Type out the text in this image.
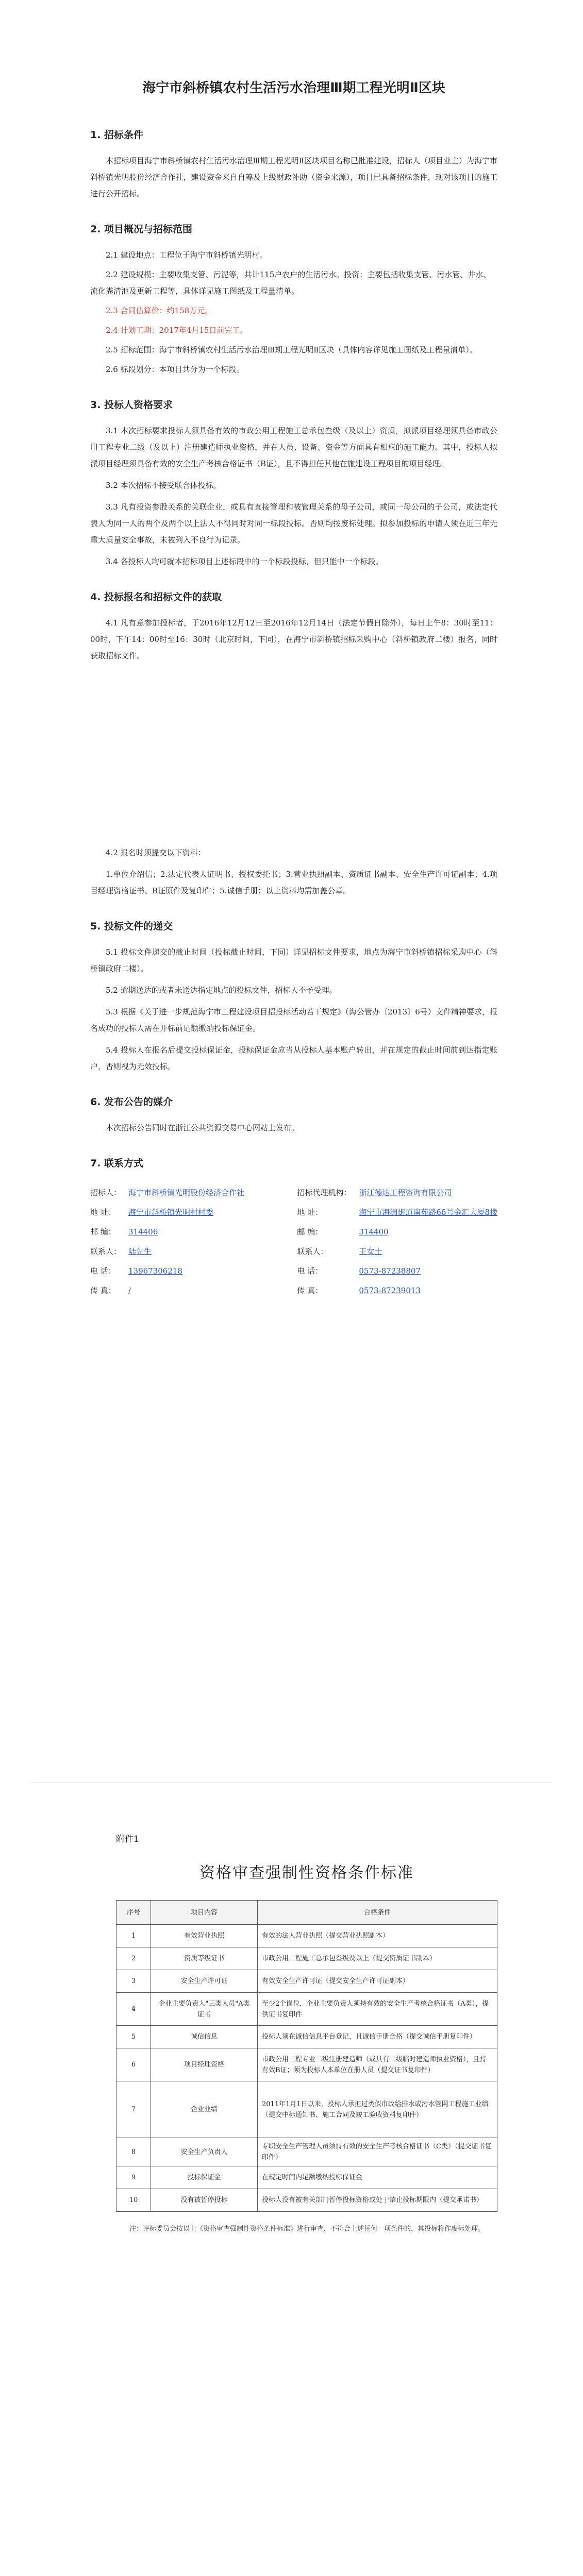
海宁市斜桥镇农村生活污水治理Ⅲ期工程光明Ⅱ区块
1. 招标条件
本招标项目海宁市斜桥镇农村生活污水治理Ⅲ期工程光明Ⅱ区块项目名称已批准建设，招标人（项目业主）为海宁市斜桥镇光明股份经济合作社，建设资金来自自筹及上级财政补助（资金来源），项目已具备招标条件，现对该项目的施工进行公开招标。
2. 项目概况与招标范围
2.1 建设地点：工程位于海宁市斜桥镇光明村。
2.2 建设规模：主要收集支管、污泥等，共计115户农户的生活污水。投资：主要包括收集支管、污水管、井水、流化粪清池及更新工程等，具体详见施工图纸及工程量清单。
2.3 合同估算价：约158万元。
2.4 计划工期：2017年4月15日前完工。
2.5 招标范围：海宁市斜桥镇农村生活污水治理Ⅲ期工程光明Ⅱ区块（具体内容详见施工图纸及工程量清单）。
2.6 标段划分：本项目共分为一个标段。
3. 投标人资格要求
3.1 本次招标要求投标人须具备有效的市政公用工程施工总承包叁级（及以上）资质，拟派项目经理须具备市政公用工程专业二级（及以上）注册建造师执业资格，并在人员、设备、资金等方面具有相应的施工能力。其中，投标人拟派项目经理须具备有效的安全生产考核合格证书（B证），且不得担任其他在施建设工程项目的项目经理。
3.2 本次招标不接受联合体投标。
3.3 凡有投资参股关系的关联企业，或具有直接管理和被管理关系的母子公司，或同一母公司的子公司，或法定代表人为同一人的两个及两个以上法人不得同时对同一标段投标。否则均按废标处理。拟参加投标的申请人须在近三年无重大质量安全事故，未被列入不良行为记录。
3.4 各投标人均可就本招标项目上述标段中的一个标段投标，但只能中一个标段。
4. 投标报名和招标文件的获取
4.1 凡有意参加投标者，于2016年12月12日至2016年12月14日（法定节假日除外），每日上午8：30时至11：00时，下午14：00时至16：30时（北京时间，下同），在海宁市斜桥镇招标采购中心（斜桥镇政府二楼）报名，同时获取招标文件。
4.2 报名时须提交以下资料：
1.单位介绍信；2.法定代表人证明书、授权委托书；3.营业执照副本、资质证书副本、安全生产许可证副本；4.项目经理资格证书、B证原件及复印件；5.诚信手册；以上资料均需加盖公章。
5. 投标文件的递交
5.1 投标文件递交的截止时间（投标截止时间，下同）详见招标文件要求，地点为海宁市斜桥镇招标采购中心（斜桥镇政府二楼）。
5.2 逾期送达的或者未送达指定地点的投标文件，招标人不予受理。
5.3 根据《关于进一步规范海宁市工程建设项目招投标活动若干规定》（海公管办〔2013〕6号）文件精神要求，报名成功的投标人需在开标前足额缴纳投标保证金。
5.4 投标人在报名后提交投标保证金，投标保证金应当从投标人基本账户转出，并在规定的截止时间前到达指定账户，否则视为无效投标。
6. 发布公告的媒介
本次招标公告同时在浙江公共资源交易中心网站上发布。
7. 联系方式
招标人： 海宁市斜桥镇光明股份经济合作社
地 址： 海宁市斜桥镇光明村村委
邮 编： 314406
联系人： 陆先生
电 话： 13967306218
传 真： /
招标代理机构： 浙江德达工程咨询有限公司
地 址：	海宁市海洲街道南苑路66号金汇大厦8楼
邮 编：	314400
联系人：	王女士
电 话：	0573-87238807
传 真：	0573-87239013
附件1
资格审查强制性资格条件标准
序号	项目内容	合格条件
1	有效营业执照	有效的法人营业执照（提交营业执照副本）
2	资质等级证书	市政公用工程施工总承包叁级及以上（提交资质证书副本）
3	安全生产许可证	有效安全生产许可证（提交安全生产许可证副本）
4	企业主要负责人"三类人员"A类证书	至少2个岗位，企业主要负责人须持有效的安全生产考核合格证书（A类），提供证书复印件
5	诚信信息	投标人须在诚信信息平台登记，且诚信手册合格（提交诚信手册复印件）
6	项目经理资格	市政公用工程专业二级注册建造师（或具有二级临时建造师执业资格），且持有效B证；须为投标人本单位在册人员（提交证书复印件）
7	企业业绩	2011年1月1日以来，投标人承担过类似市政给排水或污水管网工程施工业绩（提交中标通知书、施工合同及竣工验收资料复印件）
8	安全生产负责人	专职安全生产管理人员须持有效的安全生产考核合格证书（C类）（提交证书复印件）
9	投标保证金	在规定时间内足额缴纳投标保证金
10	没有被暂停投标	投标人没有被有关部门暂停投标资格或处于禁止投标期限内（提交承诺书）
注：评标委员会按以上《资格审查强制性资格条件标准》进行审查，不符合上述任何一项条件的，其投标将作废标处理。
